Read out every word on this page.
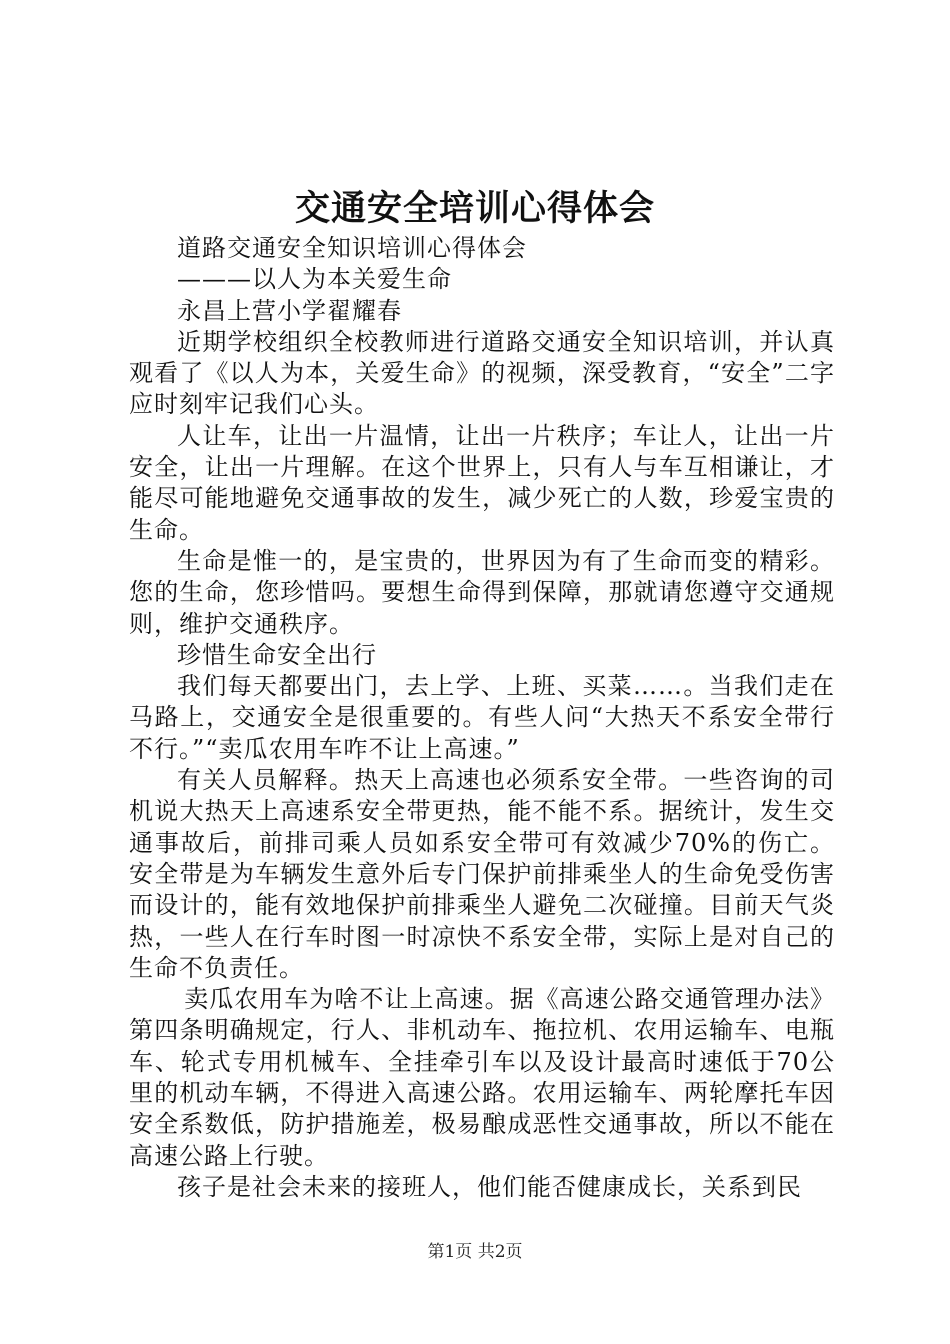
交通安全培训心得体会

道路交通安全知识培训心得体会

———以人为本关爱生命

永昌上营小学翟耀春

近期学校组织全校教师进行道路交通安全知识培训，并认真观看了《以人为本，关爱生命》的视频，深受教育，“安全”二字应时刻牢记我们心头。

人让车，让出一片温情，让出一片秩序；车让人，让出一片安全，让出一片理解。在这个世界上，只有人与车互相谦让，才能尽可能地避免交通事故的发生，减少死亡的人数，珍爱宝贵的生命。

生命是惟一的，是宝贵的，世界因为有了生命而变的精彩。您的生命，您珍惜吗。要想生命得到保障，那就请您遵守交通规则，维护交通秩序。

珍惜生命安全出行

我们每天都要出门，去上学、上班、买菜……。当我们走在马路上，交通安全是很重要的。有些人问“大热天不系安全带行不行。”“卖瓜农用车咋不让上高速。”

有关人员解释。热天上高速也必须系安全带。一些咨询的司机说大热天上高速系安全带更热，能不能不系。据统计，发生交通事故后，前排司乘人员如系安全带可有效减少70%的伤亡。安全带是为车辆发生意外后专门保护前排乘坐人的生命免受伤害而设计的，能有效地保护前排乘坐人避免二次碰撞。目前天气炎热，一些人在行车时图一时凉快不系安全带，实际上是对自己的生命不负责任。

卖瓜农用车为啥不让上高速。据《高速公路交通管理办法》第四条明确规定，行人、非机动车、拖拉机、农用运输车、电瓶车、轮式专用机械车、全挂牵引车以及设计最高时速低于70公里的机动车辆，不得进入高速公路。农用运输车、两轮摩托车因安全系数低，防护措施差，极易酿成恶性交通事故，所以不能在高速公路上行驶。

孩子是社会未来的接班人，他们能否健康成长，关系到民

第1页 共2页
